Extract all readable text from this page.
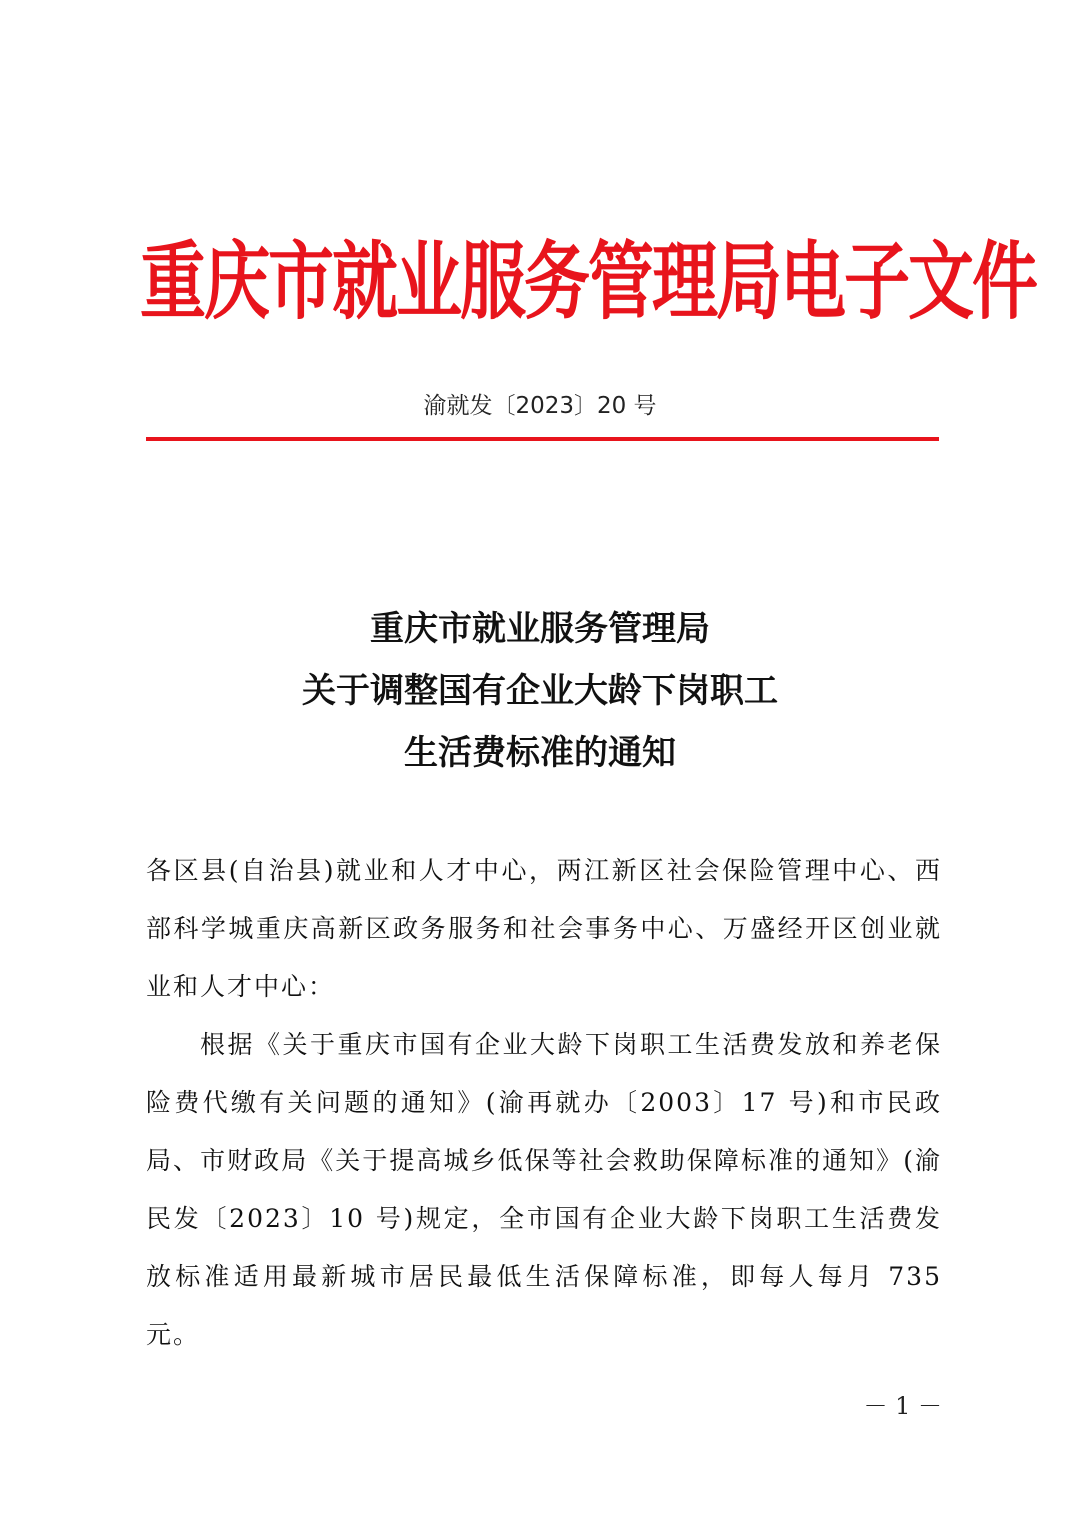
重庆市就业服务管理局电子文件
渝就发〔2023〕20 号
重庆市就业服务管理局
关于调整国有企业大龄下岗职工
生活费标准的通知

各区县(自治县)就业和人才中心，两江新区社会保险管理中心、西部科学城重庆高新区政务服务和社会事务中心、万盛经开区创业就业和人才中心：

根据《关于重庆市国有企业大龄下岗职工生活费发放和养老保险费代缴有关问题的通知》(渝再就办〔2003〕17 号)和市民政局、市财政局《关于提高城乡低保等社会救助保障标准的通知》(渝民发〔2023〕10 号)规定，全市国有企业大龄下岗职工生活费发放标准适用最新城市居民最低生活保障标准，即每人每月 735 元。

－ 1 －
